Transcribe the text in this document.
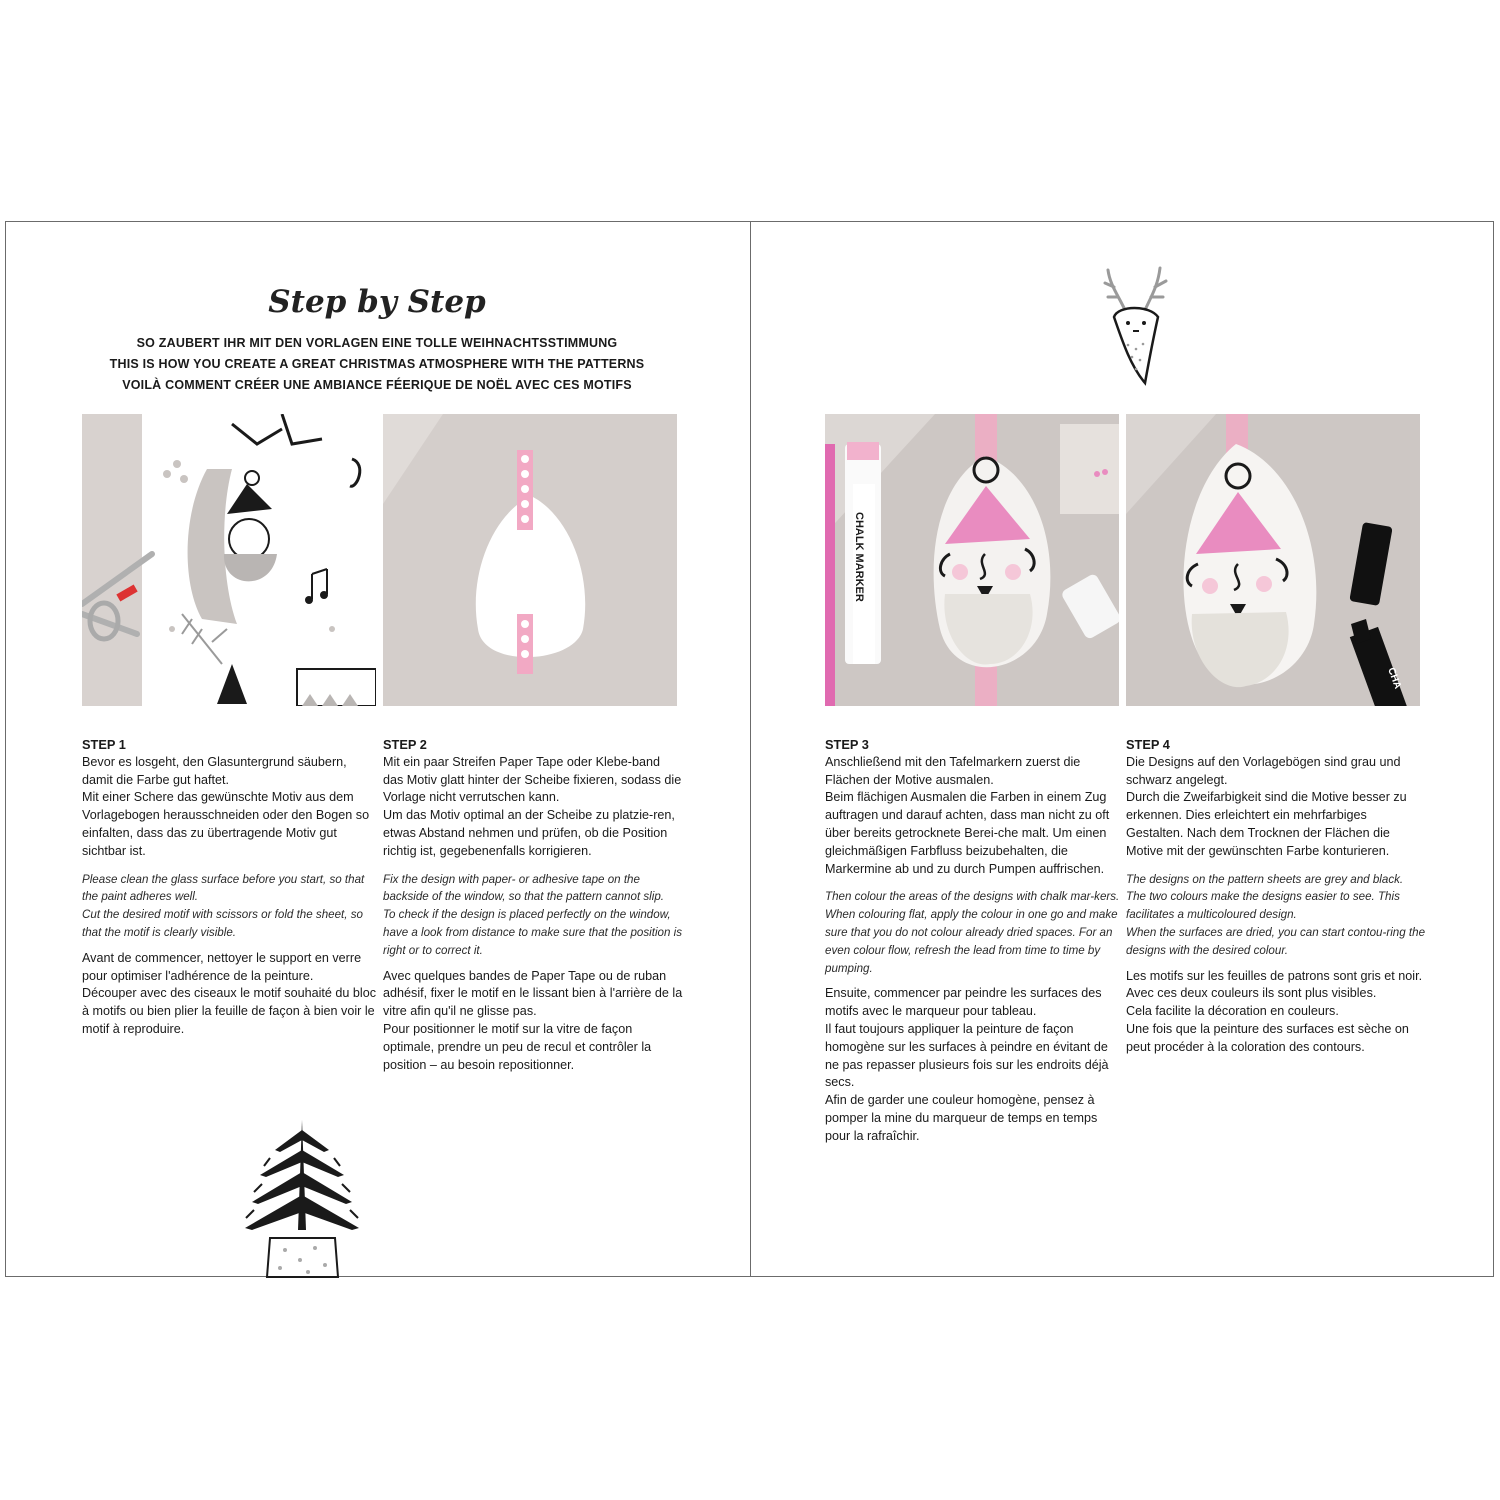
Step by Step
SO ZAUBERT IHR MIT DEN VORLAGEN EINE TOLLE WEIHNACHTSSTIMMUNG
THIS IS HOW YOU CREATE A GREAT CHRISTMAS ATMOSPHERE WITH THE PATTERNS
VOILÀ COMMENT CRÉER UNE AMBIANCE FÉERIQUE DE NOËL AVEC CES MOTIFS
CHALK MARKER
CHA
STEP 1

Bevor es losgeht, den Glasuntergrund säubern,
damit die Farbe gut haftet.
Mit einer Schere das gewünschte Motiv aus dem Vorlagebogen herausschneiden oder den Bogen so einfalten, dass das zu übertragende Motiv gut sichtbar ist.

Please clean the glass surface before you start, so that the paint adheres well.
Cut the desired motif with scissors or fold the sheet, so that the motif is clearly visible.

Avant de commencer, nettoyer le support en verre pour optimiser l'adhérence de la peinture.
Découper avec des ciseaux le motif souhaité du bloc à motifs ou bien plier la feuille de façon à bien voir le motif à reproduire.

STEP 2

Mit ein paar Streifen Paper Tape oder Klebe-band das Motiv glatt hinter der Scheibe fixieren, sodass die Vorlage nicht verrutschen kann.
Um das Motiv optimal an der Scheibe zu platzie-ren, etwas Abstand nehmen und prüfen, ob die Position richtig ist, gegebenenfalls korrigieren.

Fix the design with paper- or adhesive tape on the backside of the window, so that the pattern cannot slip.
To check if the design is placed perfectly on the window, have a look from distance to make sure that the position is right or to correct it.

Avec quelques bandes de Paper Tape ou de ruban adhésif, fixer le motif en le lissant bien à l'arrière de la vitre afin qu'il ne glisse pas.
Pour positionner le motif sur la vitre de façon optimale, prendre un peu de recul et contrôler la position – au besoin repositionner.

STEP 3

Anschließend mit den Tafelmarkern zuerst die Flächen der Motive ausmalen.
Beim flächigen Ausmalen die Farben in einem Zug auftragen und darauf achten, dass man nicht zu oft über bereits getrocknete Berei-che malt. Um einen gleichmäßigen Farbfluss beizubehalten, die Markermine ab und zu durch Pumpen auffrischen.

Then colour the areas of the designs with chalk mar-kers. When colouring flat, apply the colour in one go and make sure that you do not colour already dried spaces. For an even colour flow, refresh the lead from time to time by pumping.

Ensuite, commencer par peindre les surfaces des motifs avec le marqueur pour tableau.
Il faut toujours appliquer la peinture de façon homogène sur les surfaces à peindre en évitant de ne pas repasser plusieurs fois sur les endroits déjà secs.
Afin de garder une couleur homogène, pensez à pomper la mine du marqueur de temps en temps pour la rafraîchir.

STEP 4

Die Designs auf den Vorlagebögen sind grau und schwarz angelegt.
Durch die Zweifarbigkeit sind die Motive besser zu erkennen. Dies erleichtert ein mehrfarbiges Gestalten. Nach dem Trocknen der Flächen die Motive mit der gewünschten Farbe konturieren.

The designs on the pattern sheets are grey and black. The two colours make the designs easier to see. This facilitates a multicoloured design.
When the surfaces are dried, you can start contou-ring the designs with the desired colour.

Les motifs sur les feuilles de patrons sont gris et noir.
Avec ces deux couleurs ils sont plus visibles.
Cela facilite la décoration en couleurs.
Une fois que la peinture des surfaces est sèche on peut procéder à la coloration des contours.
